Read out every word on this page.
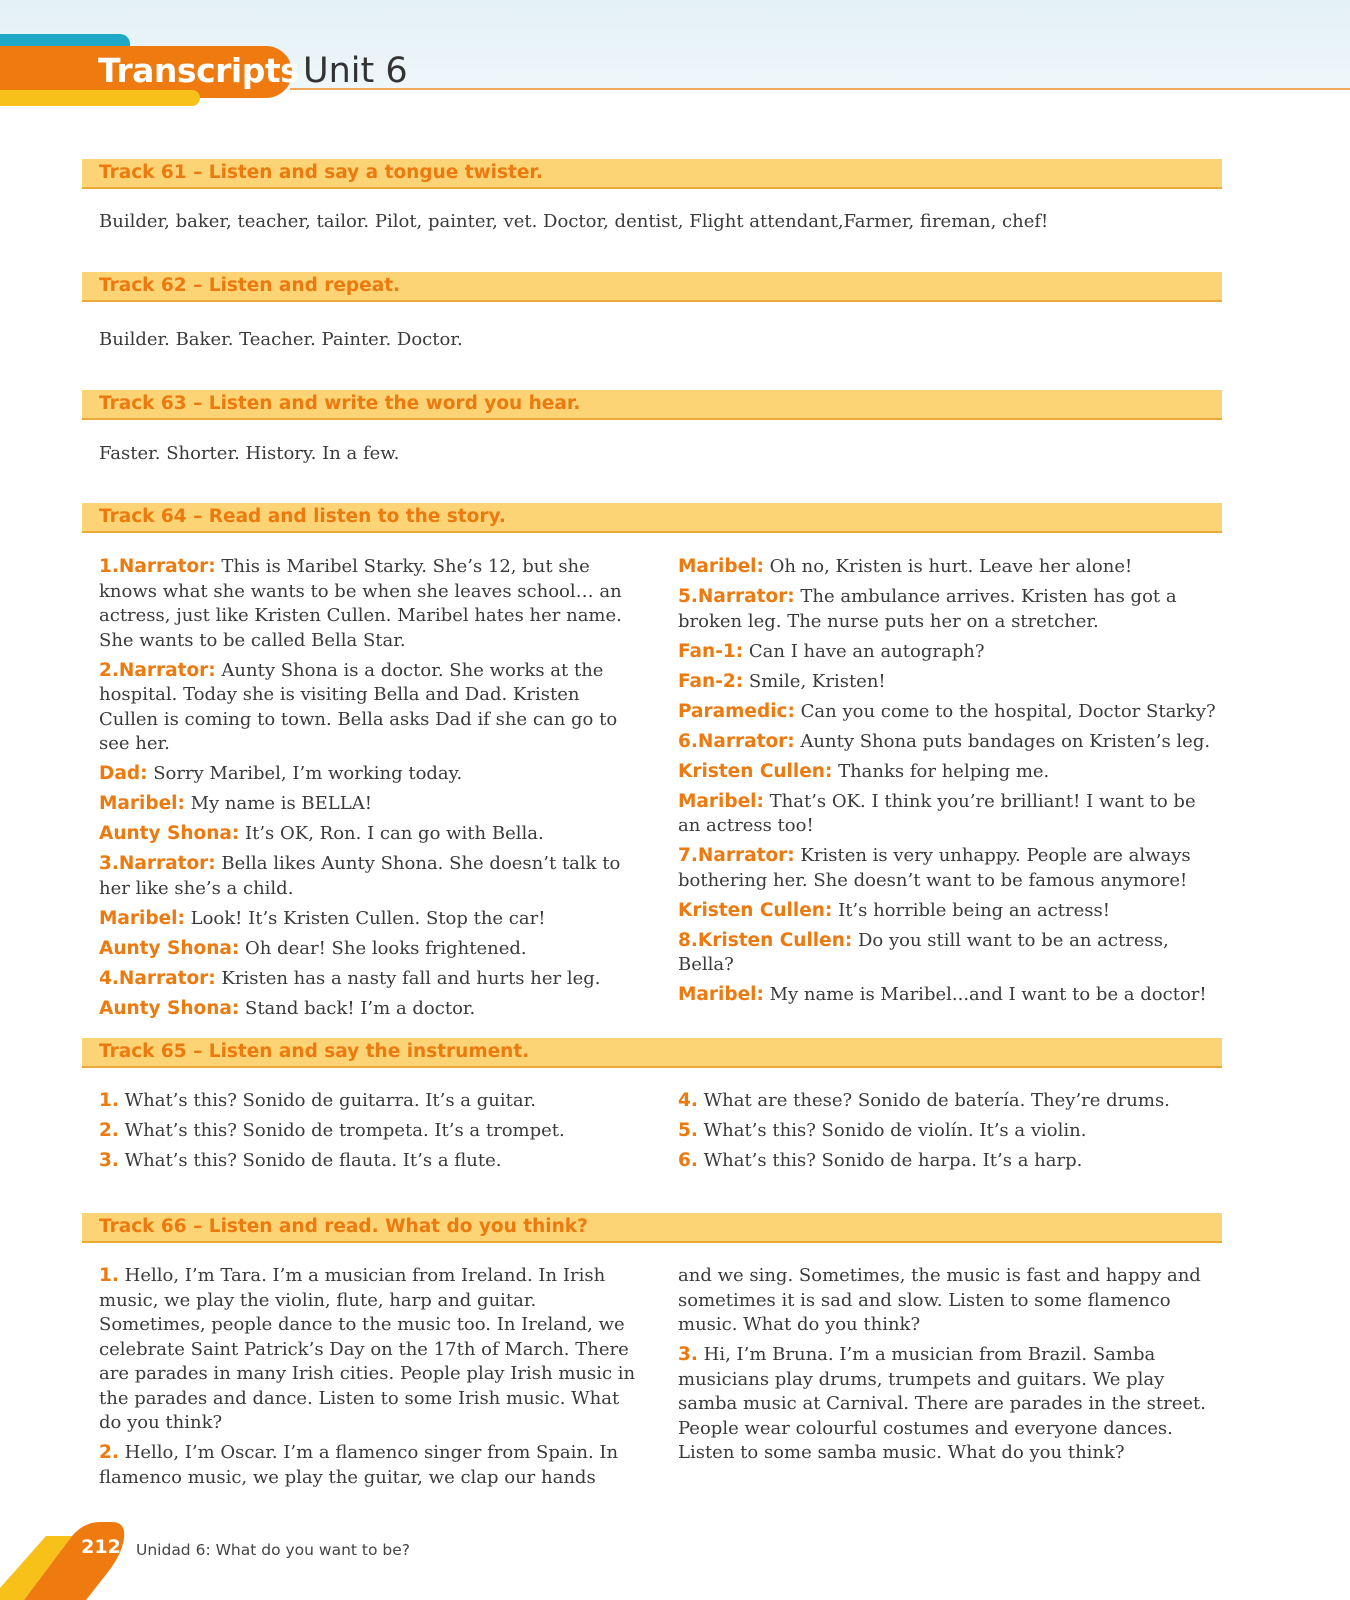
Transcripts Unit 6
Track 61 – Listen and say a tongue twister.

Builder, baker, teacher, tailor. Pilot, painter, vet. Doctor, dentist, Flight attendant,Farmer, fireman, chef!

Track 62 – Listen and repeat.

Builder. Baker. Teacher. Painter. Doctor.

Track 63 – Listen and write the word you hear.

Faster. Shorter. History. In a few.

Track 64 – Read and listen to the story.

1.Narrator: This is Maribel Starky. She’s 12, but she knows what she wants to be when she leaves school… an actress, just like Kristen Cullen. Maribel hates her name. She wants to be called Bella Star.

2.Narrator: Aunty Shona is a doctor. She works at the hospital. Today she is visiting Bella and Dad. Kristen Cullen is coming to town. Bella asks Dad if she can go to see her.

Dad: Sorry Maribel, I’m working today.

Maribel: My name is BELLA!

Aunty Shona: It’s OK, Ron. I can go with Bella.

3.Narrator: Bella likes Aunty Shona. She doesn’t talk to her like she’s a child.

Maribel: Look! It’s Kristen Cullen. Stop the car!

Aunty Shona: Oh dear! She looks frightened.

4.Narrator: Kristen has a nasty fall and hurts her leg.

Aunty Shona: Stand back! I’m a doctor.

Maribel: Oh no, Kristen is hurt. Leave her alone!

5.Narrator: The ambulance arrives. Kristen has got a broken leg. The nurse puts her on a stretcher.

Fan-1: Can I have an autograph?

Fan-2: Smile, Kristen!

Paramedic: Can you come to the hospital, Doctor Starky?

6.Narrator: Aunty Shona puts bandages on Kristen’s leg.

Kristen Cullen: Thanks for helping me.

Maribel: That’s OK. I think you’re brilliant! I want to be an actress too!

7.Narrator: Kristen is very unhappy. People are always bothering her. She doesn’t want to be famous anymore!

Kristen Cullen: It’s horrible being an actress!

8.Kristen Cullen: Do you still want to be an actress, Bella?

Maribel: My name is Maribel...and I want to be a doctor!

Track 65 – Listen and say the instrument.

1. What’s this? Sonido de guitarra. It’s a guitar.

2. What’s this? Sonido de trompeta. It’s a trompet.

3. What’s this? Sonido de flauta. It’s a flute.

4. What are these? Sonido de batería. They’re drums.

5. What’s this? Sonido de violín. It’s a violin.

6. What’s this? Sonido de harpa. It’s a harp.

Track 66 – Listen and read. What do you think?

1. Hello, I’m Tara. I’m a musician from Ireland. In Irish music, we play the violin, flute, harp and guitar. Sometimes, people dance to the music too. In Ireland, we celebrate Saint Patrick’s Day on the 17th of March. There are parades in many Irish cities. People play Irish music in the parades and dance. Listen to some Irish music. What do you think?

2. Hello, I’m Oscar. I’m a flamenco singer from Spain. In flamenco music, we play the guitar, we clap our hands

and we sing. Sometimes, the music is fast and happy and sometimes it is sad and slow. Listen to some flamenco music. What do you think?

3. Hi, I’m Bruna. I’m a musician from Brazil. Samba musicians play drums, trumpets and guitars. We play samba music at Carnival. There are parades in the street. People wear colourful costumes and everyone dances. Listen to some samba music. What do you think?

212 Unidad 6: What do you want to be?
